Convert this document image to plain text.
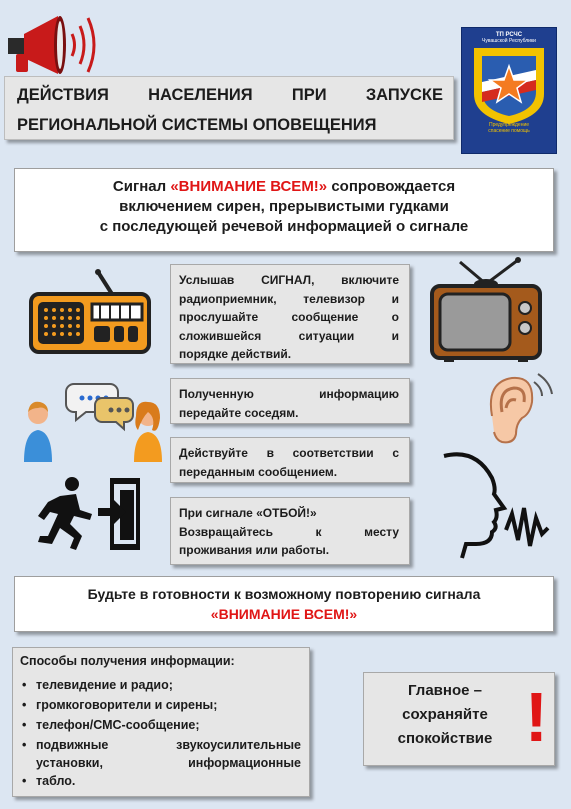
ДЕЙСТВИЯ НАСЕЛЕНИЯ ПРИ ЗАПУСКЕ
РЕГИОНАЛЬНОЙ СИСТЕМЫ ОПОВЕЩЕНИЯ
ТП РСЧС
Чувашской Республики
Предупреждение
спасение помощь
Сигнал «ВНИМАНИЕ ВСЕМ!» сопровождается
включением сирен, прерывистыми гудками
с последующей речевой информацией о сигнале
Услышав СИГНАЛ, включите радиоприемник, телевизор и прослушайте сообщение о сложившейся ситуации и
порядке действий.
Полученную информацию
передайте соседям.
Действуйте в соответствии с
переданным сообщением.
При сигнале «ОТБОЙ!»
Возвращайтесь к месту
проживания или работы.
Будьте в готовности к возможному повторению сигнала
«ВНИМАНИЕ ВСЕМ!»
Способы получения информации:
• телевидение и радио;
• громкоговорители и сирены;
• телефон/СМС-сообщение;
• подвижные звукоусилительные установки, информационные
• табло.
Главное –
сохраняйте
спокойствие !
